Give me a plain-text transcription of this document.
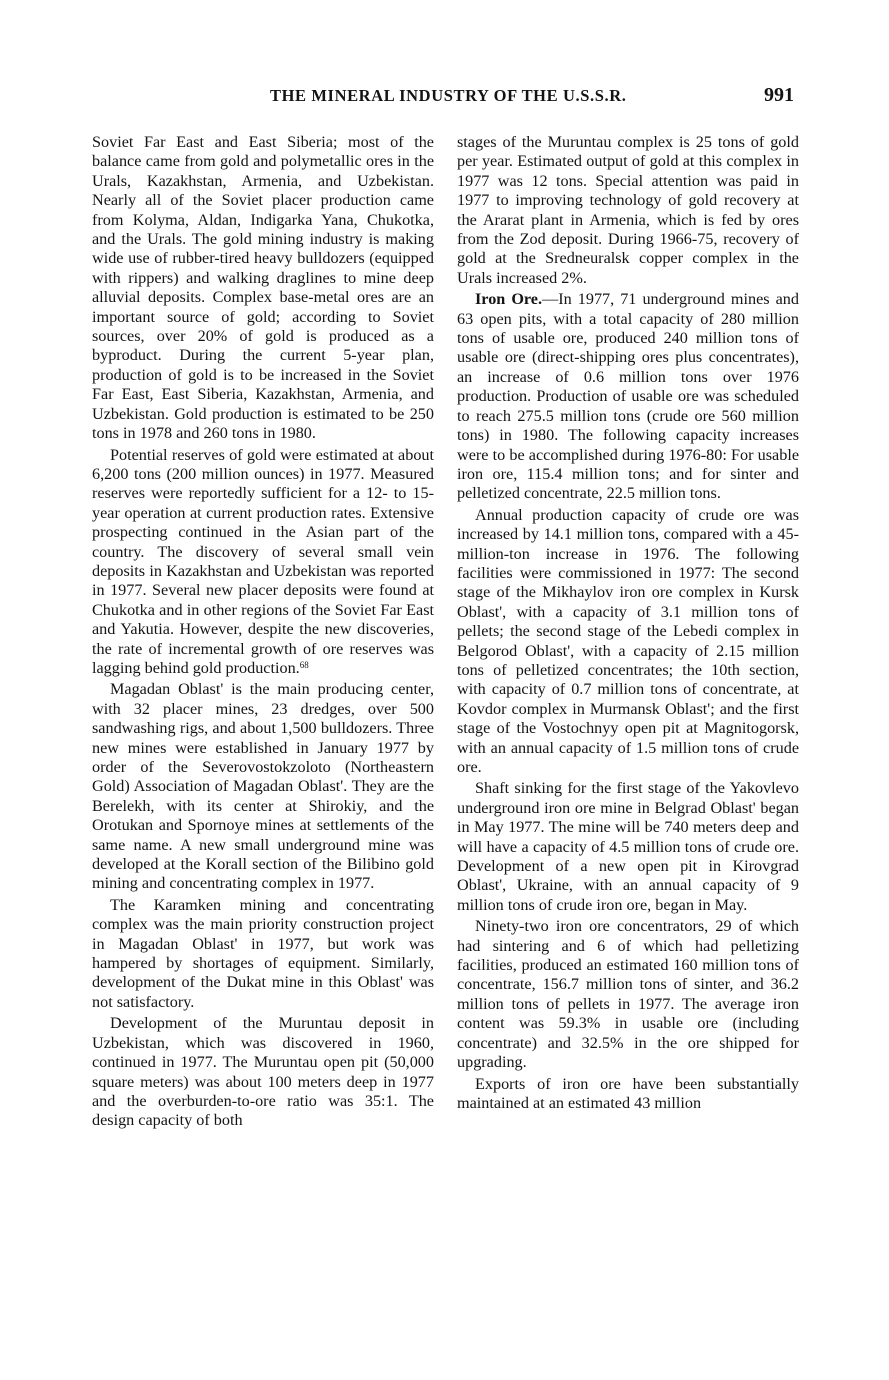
THE MINERAL INDUSTRY OF THE U.S.S.R.	991

Soviet Far East and East Siberia; most of the balance came from gold and polymetallic ores in the Urals, Kazakhstan, Armenia, and Uzbekistan. Nearly all of the Soviet placer production came from Kolyma, Aldan, Indigarka Yana, Chukotka, and the Urals. The gold mining industry is making wide use of rubber-tired heavy bulldozers (equipped with rippers) and walking draglines to mine deep alluvial deposits. Complex base-metal ores are an important source of gold; according to Soviet sources, over 20% of gold is produced as a byproduct. During the current 5-year plan, production of gold is to be increased in the Soviet Far East, East Siberia, Kazakhstan, Armenia, and Uzbekistan. Gold production is estimated to be 250 tons in 1978 and 260 tons in 1980.

Potential reserves of gold were estimated at about 6,200 tons (200 million ounces) in 1977. Measured reserves were reportedly sufficient for a 12- to 15-year operation at current production rates. Extensive prospecting continued in the Asian part of the country. The discovery of several small vein deposits in Kazakhstan and Uzbekistan was reported in 1977. Several new placer deposits were found at Chukotka and in other regions of the Soviet Far East and Yakutia. However, despite the new discoveries, the rate of incremental growth of ore reserves was lagging behind gold production.$^{68}$

Magadan Oblast' is the main producing center, with 32 placer mines, 23 dredges, over 500 sandwashing rigs, and about 1,500 bulldozers. Three new mines were established in January 1977 by order of the Severovostokzoloto (Northeastern Gold) Association of Magadan Oblast'. They are the Berelekh, with its center at Shirokiy, and the Orotukan and Spornoye mines at settlements of the same name. A new small underground mine was developed at the Korall section of the Bilibino gold mining and concentrating complex in 1977.

The Karamken mining and concentrating complex was the main priority construction project in Magadan Oblast' in 1977, but work was hampered by shortages of equipment. Similarly, development of the Dukat mine in this Oblast' was not satisfactory.

Development of the Muruntau deposit in Uzbekistan, which was discovered in 1960, continued in 1977. The Muruntau open pit (50,000 square meters) was about 100 meters deep in 1977 and the overburden-to-ore ratio was 35:1. The design capacity of both

stages of the Muruntau complex is 25 tons of gold per year. Estimated output of gold at this complex in 1977 was 12 tons. Special attention was paid in 1977 to improving technology of gold recovery at the Ararat plant in Armenia, which is fed by ores from the Zod deposit. During 1966-75, recovery of gold at the Sredneuralsk copper complex in the Urals increased 2%.

Iron Ore.—In 1977, 71 underground mines and 63 open pits, with a total capacity of 280 million tons of usable ore, produced 240 million tons of usable ore (direct-shipping ores plus concentrates), an increase of 0.6 million tons over 1976 production. Production of usable ore was scheduled to reach 275.5 million tons (crude ore 560 million tons) in 1980. The following capacity increases were to be accomplished during 1976-80: For usable iron ore, 115.4 million tons; and for sinter and pelletized concentrate, 22.5 million tons.

Annual production capacity of crude ore was increased by 14.1 million tons, compared with a 45-million-ton increase in 1976. The following facilities were commissioned in 1977: The second stage of the Mikhaylov iron ore complex in Kursk Oblast', with a capacity of 3.1 million tons of pellets; the second stage of the Lebedi complex in Belgorod Oblast', with a capacity of 2.15 million tons of pelletized concentrates; the 10th section, with capacity of 0.7 million tons of concentrate, at Kovdor complex in Murmansk Oblast'; and the first stage of the Vostochnyy open pit at Magnitogorsk, with an annual capacity of 1.5 million tons of crude ore.

Shaft sinking for the first stage of the Yakovlevo underground iron ore mine in Belgrad Oblast' began in May 1977. The mine will be 740 meters deep and will have a capacity of 4.5 million tons of crude ore. Development of a new open pit in Kirovgrad Oblast', Ukraine, with an annual capacity of 9 million tons of crude iron ore, began in May.

Ninety-two iron ore concentrators, 29 of which had sintering and 6 of which had pelletizing facilities, produced an estimated 160 million tons of concentrate, 156.7 million tons of sinter, and 36.2 million tons of pellets in 1977. The average iron content was 59.3% in usable ore (including concentrate) and 32.5% in the ore shipped for upgrading.

Exports of iron ore have been substantially maintained at an estimated 43 million
